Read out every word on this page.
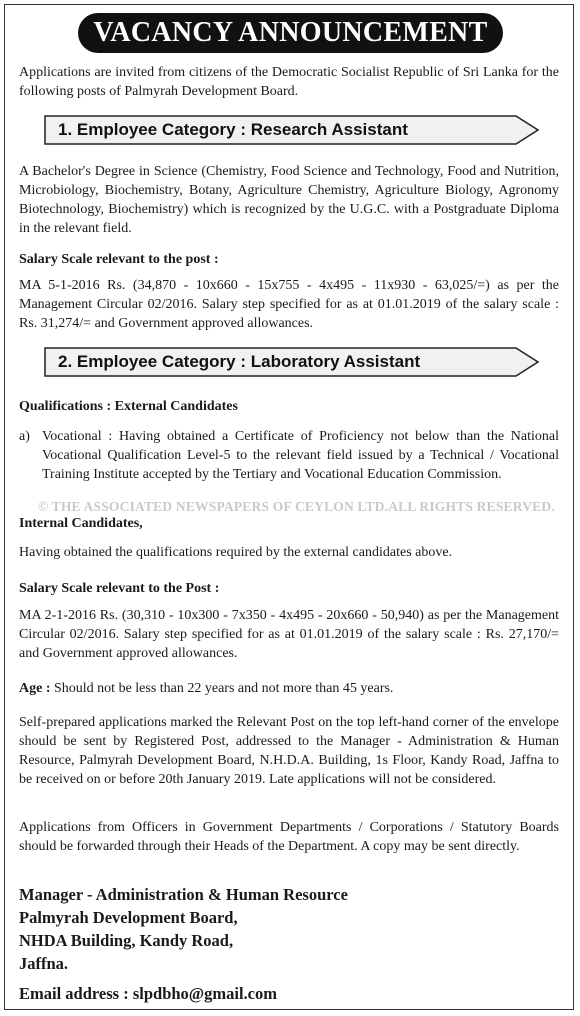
VACANCY ANNOUNCEMENT

Applications are invited from citizens of the Democratic Socialist Republic of Sri Lanka for the following posts of Palmyrah Development Board.

1. Employee Category : Research Assistant

A Bachelor's Degree in Science (Chemistry, Food Science and Technology, Food and Nutrition, Microbiology, Biochemistry, Botany, Agriculture Chemistry, Agriculture Biology, Agronomy Biotechnology, Biochemistry) which is recognized by the U.G.C. with a Postgraduate Diploma in the relevant field.

Salary Scale relevant to the post :

MA 5-1-2016 Rs. (34,870 - 10x660 - 15x755 - 4x495 - 11x930 - 63,025/=) as per the Management Circular 02/2016. Salary step specified for as at 01.01.2019 of the salary scale : Rs. 31,274/= and Government approved allowances.

2. Employee Category : Laboratory Assistant

Qualifications : External Candidates

a) Vocational : Having obtained a Certificate of Proficiency not below than the National Vocational Qualification Level-5 to the relevant field issued by a Technical / Vocational Training Institute accepted by the Tertiary and Vocational Education Commission.

© THE ASSOCIATED NEWSPAPERS OF CEYLON LTD.ALL RIGHTS RESERVED.

Internal Candidates,

Having obtained the qualifications required by the external candidates above.

Salary Scale relevant to the Post :

MA 2-1-2016 Rs. (30,310 - 10x300 - 7x350 - 4x495 - 20x660 - 50,940) as per the Management Circular 02/2016. Salary step specified for as at 01.01.2019 of the salary scale : Rs. 27,170/= and Government approved allowances.

Age : Should not be less than 22 years and not more than 45 years.

Self-prepared applications marked the Relevant Post on the top left-hand corner of the envelope should be sent by Registered Post, addressed to the Manager - Administration & Human Resource, Palmyrah Development Board, N.H.D.A. Building, 1s Floor, Kandy Road, Jaffna to be received on or before 20th January 2019. Late applications will not be considered.

Applications from Officers in Government Departments / Corporations / Statutory Boards should be forwarded through their Heads of the Department. A copy may be sent directly.

Manager - Administration & Human Resource

Palmyrah Development Board,

NHDA Building, Kandy Road,

Jaffna.

Email address : slpdbho@gmail.com
